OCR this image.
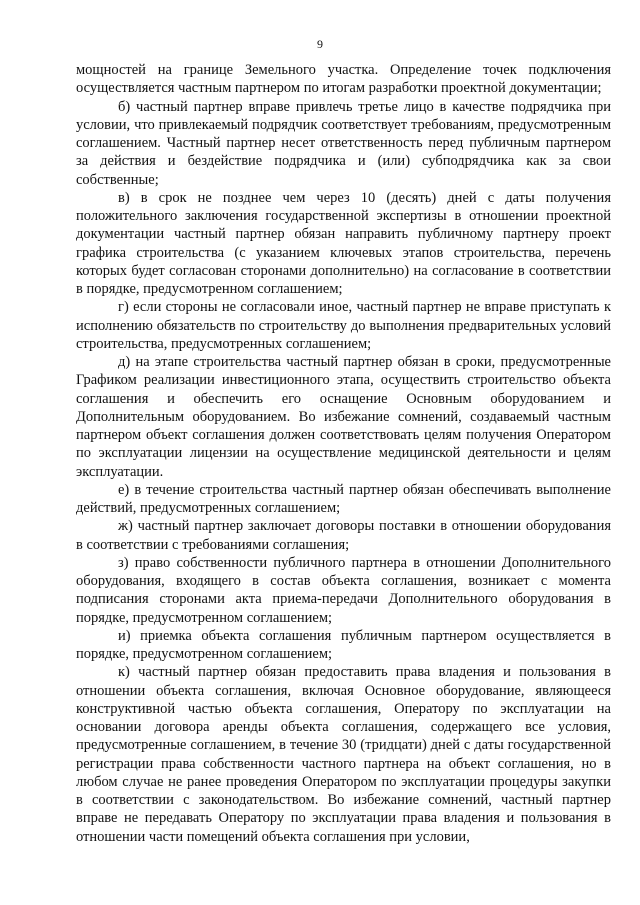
9

мощностей на границе Земельного участка. Определение точек подключения осуществляется частным партнером по итогам разработки проектной документации;

б) частный партнер вправе привлечь третье лицо в качестве подрядчика при условии, что привлекаемый подрядчик соответствует требованиям, предусмотренным соглашением. Частный партнер несет ответственность перед публичным партнером за действия и бездействие подрядчика и (или) субподрядчика как за свои собственные;

в) в срок не позднее чем через 10 (десять) дней с даты получения положительного заключения государственной экспертизы в отношении проектной документации частный партнер обязан направить публичному партнеру проект графика строительства (с указанием ключевых этапов строительства, перечень которых будет согласован сторонами дополнительно) на согласование в соответствии в порядке, предусмотренном соглашением;

г) если стороны не согласовали иное, частный партнер не вправе приступать к исполнению обязательств по строительству до выполнения предварительных условий строительства, предусмотренных соглашением;

д) на этапе строительства частный партнер обязан в сроки, предусмотренные Графиком реализации инвестиционного этапа, осуществить строительство объекта соглашения и обеспечить его оснащение Основным оборудованием и Дополнительным оборудованием. Во избежание сомнений, создаваемый частным партнером объект соглашения должен соответствовать целям получения Оператором по эксплуатации лицензии на осуществление медицинской деятельности и целям эксплуатации.

е) в течение строительства частный партнер обязан обеспечивать выполнение действий, предусмотренных соглашением;

ж) частный партнер заключает договоры поставки в отношении оборудования в соответствии с требованиями соглашения;

з) право собственности публичного партнера в отношении Дополнительного оборудования, входящего в состав объекта соглашения, возникает с момента подписания сторонами акта приема-передачи Дополнительного оборудования в порядке, предусмотренном соглашением;

и) приемка объекта соглашения публичным партнером осуществляется в порядке, предусмотренном соглашением;

к) частный партнер обязан предоставить права владения и пользования в отношении объекта соглашения, включая Основное оборудование, являющееся конструктивной частью объекта соглашения, Оператору по эксплуатации на основании договора аренды объекта соглашения, содержащего все условия, предусмотренные соглашением, в течение 30 (тридцати) дней с даты государственной регистрации права собственности частного партнера на объект соглашения, но в любом случае не ранее проведения Оператором по эксплуатации процедуры закупки в соответствии с законодательством. Во избежание сомнений, частный партнер вправе не передавать Оператору по эксплуатации права владения и пользования в отношении части помещений объекта соглашения при условии,
